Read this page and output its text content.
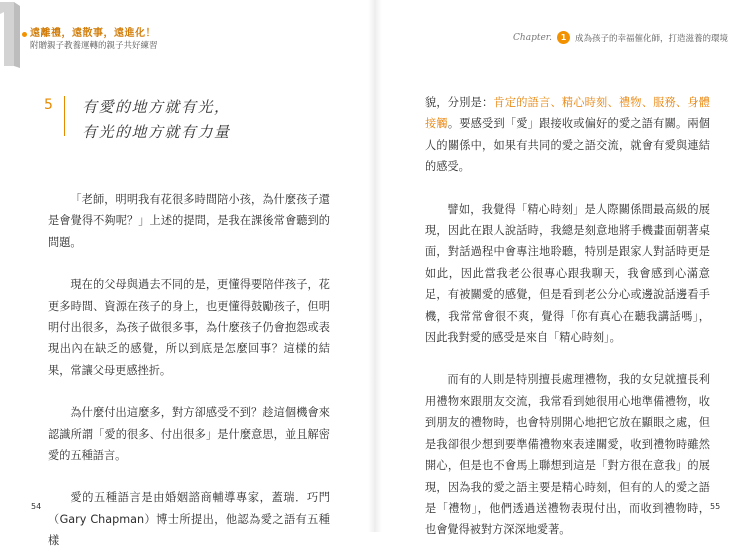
遠離禮，遠散事，遠進化！
附贈親子教養運轉的親子共好練習
5 有愛的地方就有光，
有光的地方就有力量

「老師，明明我有花很多時間陪小孩，為什麼孩子還是會覺得不夠呢？」上述的提問，是我在課後常會聽到的問題。

現在的父母與過去不同的是，更懂得要陪伴孩子，花更多時間、資源在孩子的身上，也更懂得鼓勵孩子，但明明付出很多，為孩子做很多事，為什麼孩子仍會抱怨或表現出內在缺乏的感覺，所以到底是怎麼回事？這樣的結果，常讓父母更感挫折。

為什麼付出這麼多，對方卻感受不到？趁這個機會來認識所謂「愛的很多、付出很多」是什麼意思，並且解密愛的五種語言。

愛的五種語言是由婚姻諮商輔導專家，蓋瑞．巧門（Gary Chapman）博士所提出，他認為愛之語有五種樣

54
Chapter.	1	成為孩子的幸福催化師，打造滋養的環境

貌，分別是：肯定的語言、精心時刻、禮物、服務、身體接觸。要感受到「愛」跟接收或偏好的愛之語有關。兩個人的關係中，如果有共同的愛之語交流，就會有愛與連結的感受。

譬如，我覺得「精心時刻」是人際關係間最高級的展現，因此在跟人說話時，我總是刻意地將手機畫面朝著桌面，對話過程中會專注地聆聽，特別是跟家人對話時更是如此，因此當我老公很專心跟我聊天，我會感到心滿意足，有被關愛的感覺，但是看到老公分心或邊說話邊看手機，我常常會很不爽，覺得「你有真心在聽我講話嗎」，因此我對愛的感受是來自「精心時刻」。

而有的人則是特別擅長處理禮物，我的女兒就擅長利用禮物來跟朋友交流，我常看到她很用心地準備禮物，收到朋友的禮物時，也會特別開心地把它放在顯眼之處，但是我卻很少想到要準備禮物來表達關愛，收到禮物時雖然開心，但是也不會馬上聯想到這是「對方很在意我」的展現，因為我的愛之語主要是精心時刻，但有的人的愛之語是「禮物」，他們透過送禮物表現付出，而收到禮物時，也會覺得被對方深深地愛著。

55
